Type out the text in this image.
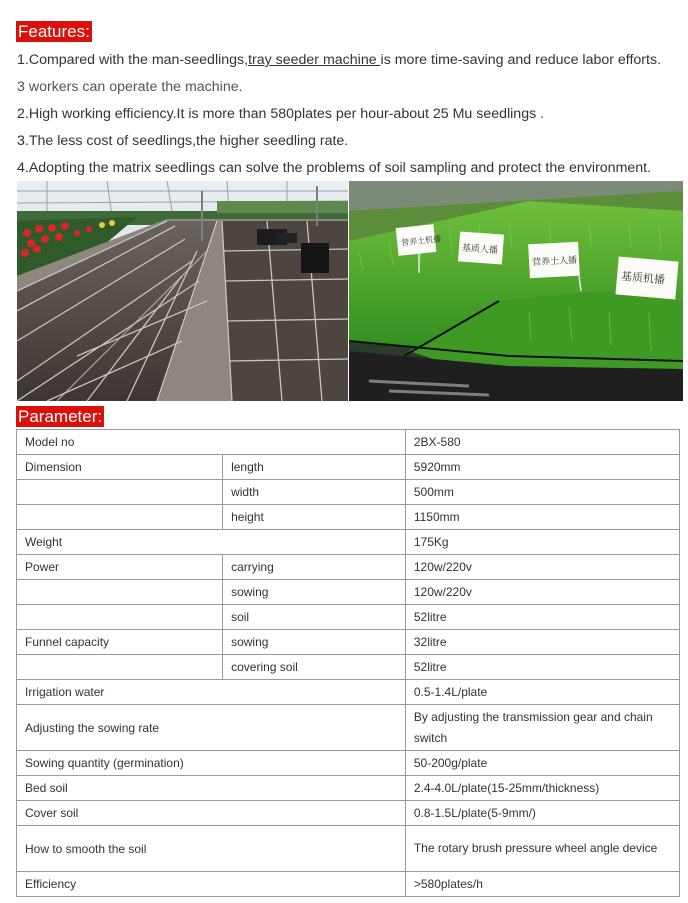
Features:
1.Compared with the man-seedlings,tray seeder machine is more time-saving and reduce labor efforts.
3 workers can operate the machine.
2.High working efficiency.It is more than 580plates per hour-about 25 Mu seedlings .
3.The less cost of seedlings,the higher seedling rate.
4.Adopting the matrix seedlings can solve the problems of soil sampling and protect the environment.
营养土机播
基质人播
营养土人播
基质机播
Parameter:
Model no		2BX-580
Dimension	length	5920mm
	width	500mm
	height	1150mm
Weight		175Kg
Power	carrying	120w/220v
	sowing	120w/220v
	soil	52litre
Funnel capacity	sowing	32litre
	covering soil	52litre
Irrigation water		0.5-1.4L/plate
Adjusting the sowing rate		By adjusting the transmission gear and chain switch
Sowing quantity (germination)		50-200g/plate
Bed soil		2.4-4.0L/plate(15-25mm/thickness)
Cover soil		0.8-1.5L/plate(5-9mm/)
How to smooth the soil		The rotary brush pressure wheel angle device
Efficiency		>580plates/h
